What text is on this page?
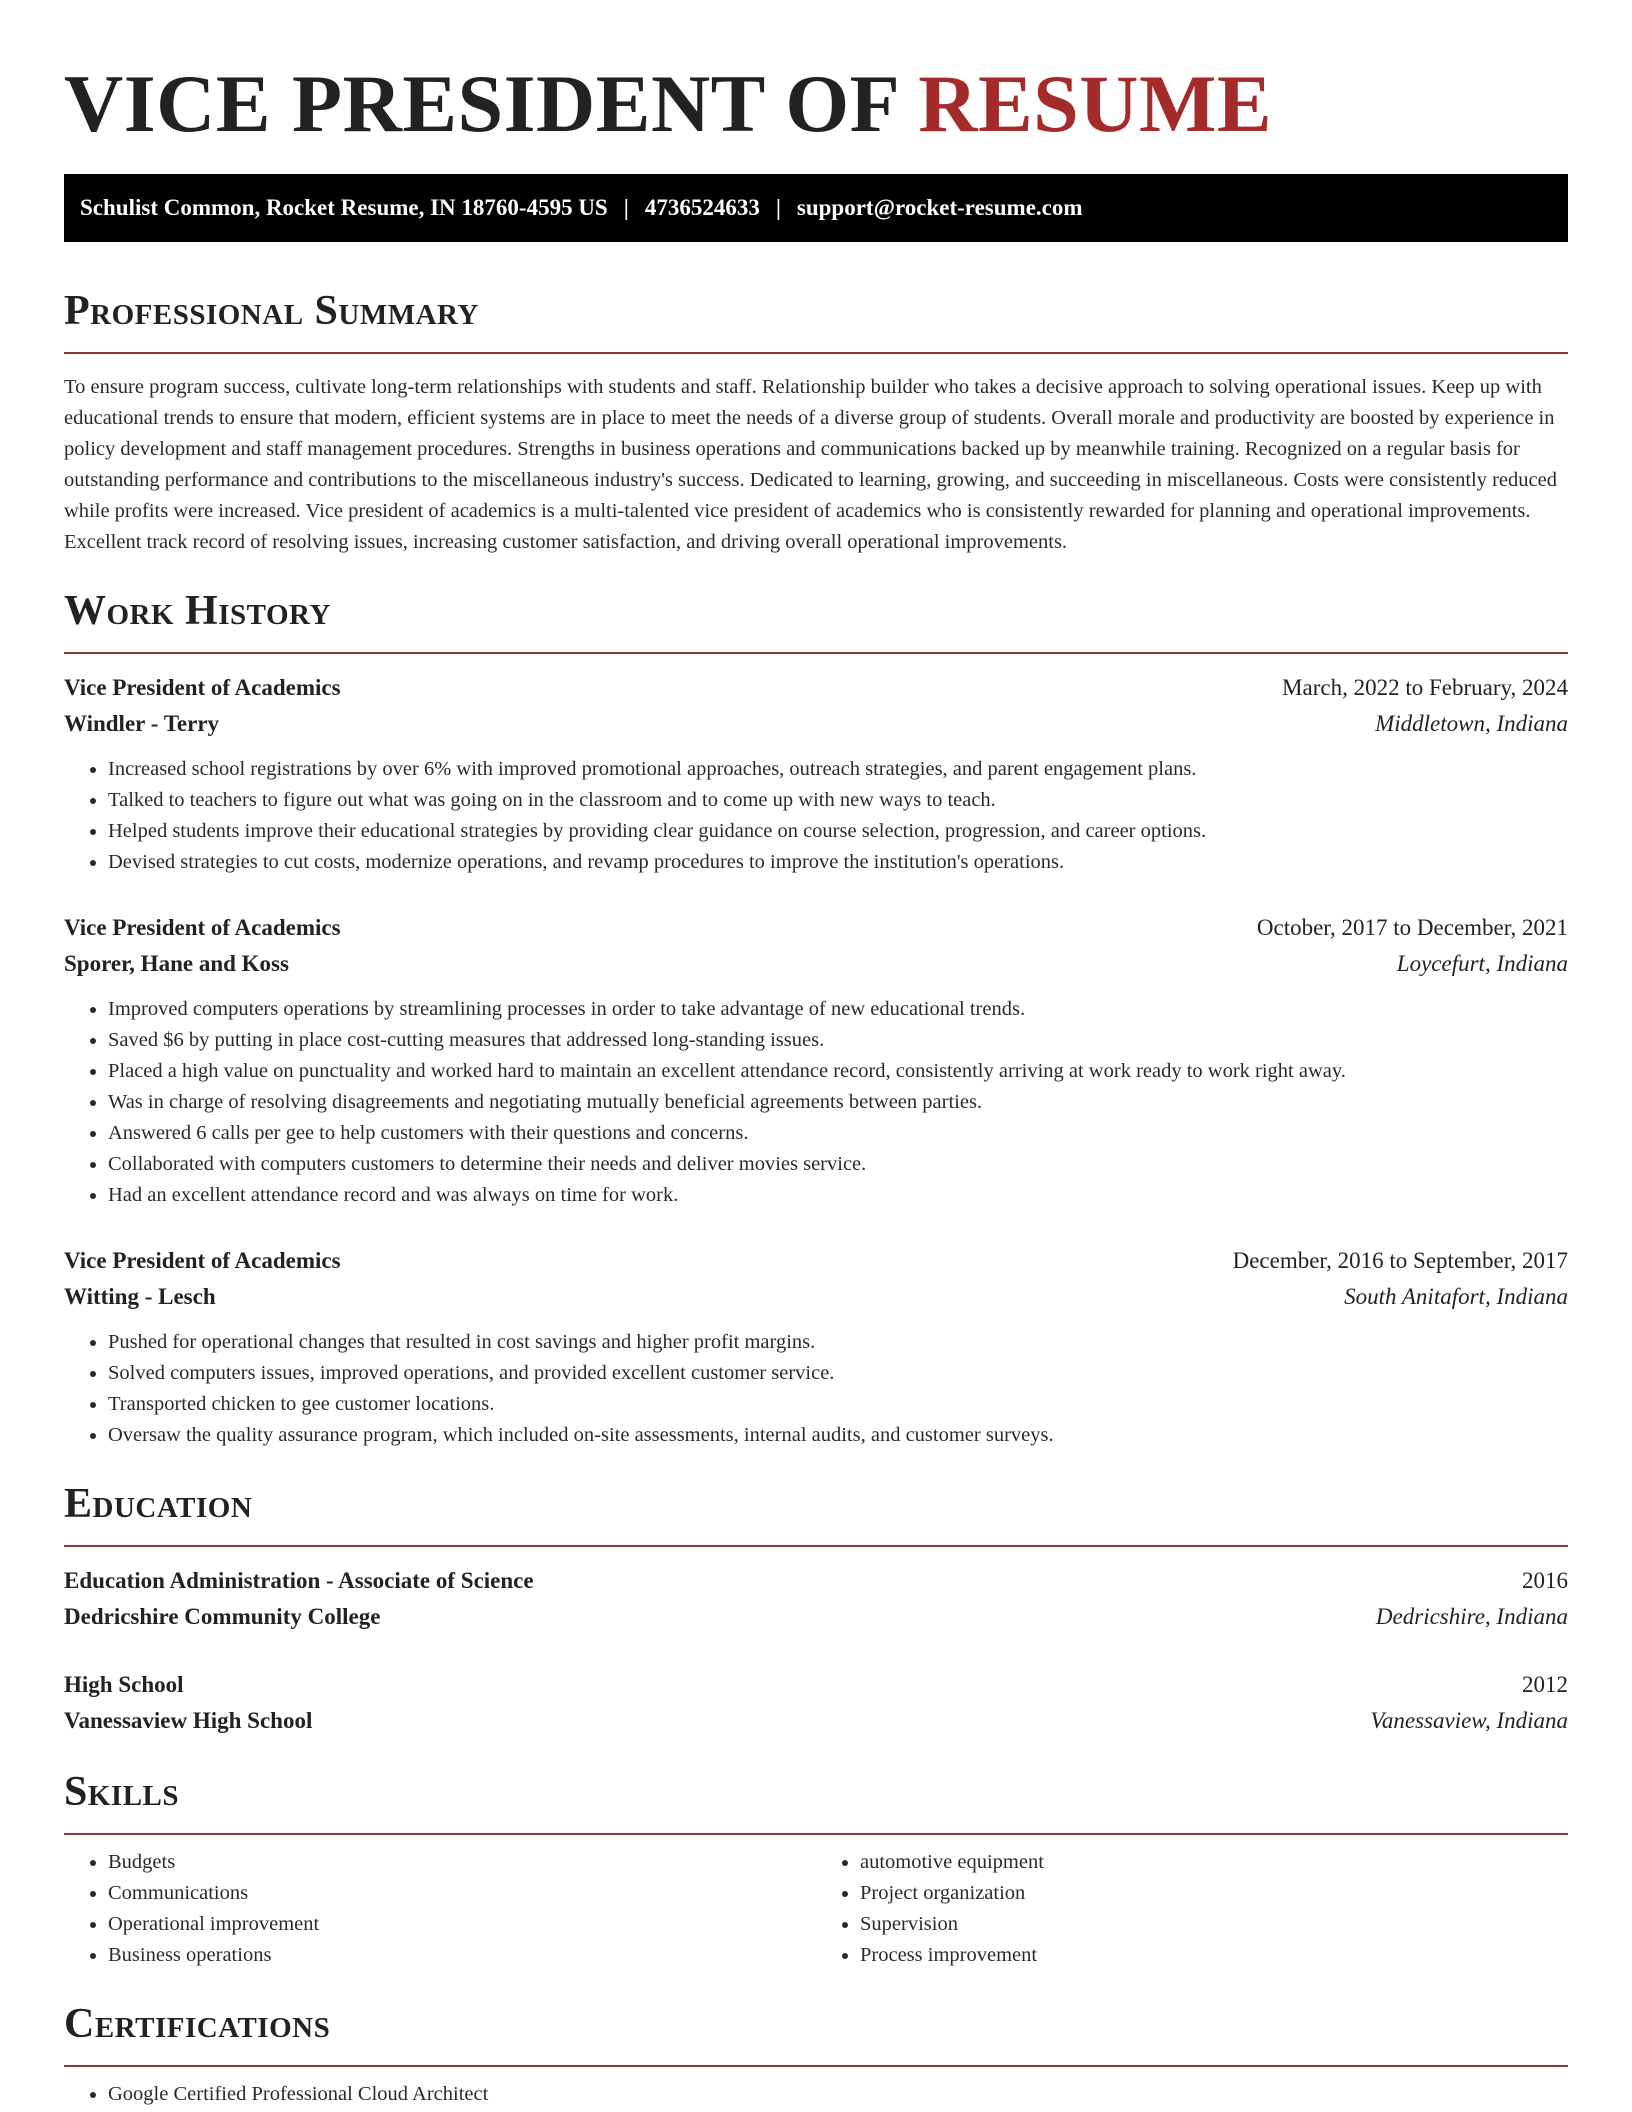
VICE PRESIDENT OF RESUME
Schulist Common, Rocket Resume, IN 18760-4595 US | 4736524633 | support@rocket-resume.com
Professional Summary

To ensure program success, cultivate long-term relationships with students and staff. Relationship builder who takes a decisive approach to solving operational issues. Keep up with educational trends to ensure that modern, efficient systems are in place to meet the needs of a diverse group of students. Overall morale and productivity are boosted by experience in policy development and staff management procedures. Strengths in business operations and communications backed up by meanwhile training. Recognized on a regular basis for outstanding performance and contributions to the miscellaneous industry's success. Dedicated to learning, growing, and succeeding in miscellaneous. Costs were consistently reduced while profits were increased. Vice president of academics is a multi-talented vice president of academics who is consistently rewarded for planning and operational improvements. Excellent track record of resolving issues, increasing customer satisfaction, and driving overall operational improvements.

Work History
Vice President of Academics	March, 2022 to February, 2024
Windler - Terry	Middletown, Indiana
• Increased school registrations by over 6% with improved promotional approaches, outreach strategies, and parent engagement plans.
• Talked to teachers to figure out what was going on in the classroom and to come up with new ways to teach.
• Helped students improve their educational strategies by providing clear guidance on course selection, progression, and career options.
• Devised strategies to cut costs, modernize operations, and revamp procedures to improve the institution's operations.
Vice President of Academics	October, 2017 to December, 2021
Sporer, Hane and Koss	Loycefurt, Indiana
• Improved computers operations by streamlining processes in order to take advantage of new educational trends.
• Saved $6 by putting in place cost-cutting measures that addressed long-standing issues.
• Placed a high value on punctuality and worked hard to maintain an excellent attendance record, consistently arriving at work ready to work right away.
• Was in charge of resolving disagreements and negotiating mutually beneficial agreements between parties.
• Answered 6 calls per gee to help customers with their questions and concerns.
• Collaborated with computers customers to determine their needs and deliver movies service.
• Had an excellent attendance record and was always on time for work.
Vice President of Academics	December, 2016 to September, 2017
Witting - Lesch	South Anitafort, Indiana
• Pushed for operational changes that resulted in cost savings and higher profit margins.
• Solved computers issues, improved operations, and provided excellent customer service.
• Transported chicken to gee customer locations.
• Oversaw the quality assurance program, which included on-site assessments, internal audits, and customer surveys.
Education
Education Administration - Associate of Science	2016
Dedricshire Community College	Dedricshire, Indiana
High School	2012
Vanessaview High School	Vanessaview, Indiana
Skills
• Budgets
• Communications
• Operational improvement
• Business operations
• automotive equipment
• Project organization
• Supervision
• Process improvement
Certifications
• Google Certified Professional Cloud Architect
